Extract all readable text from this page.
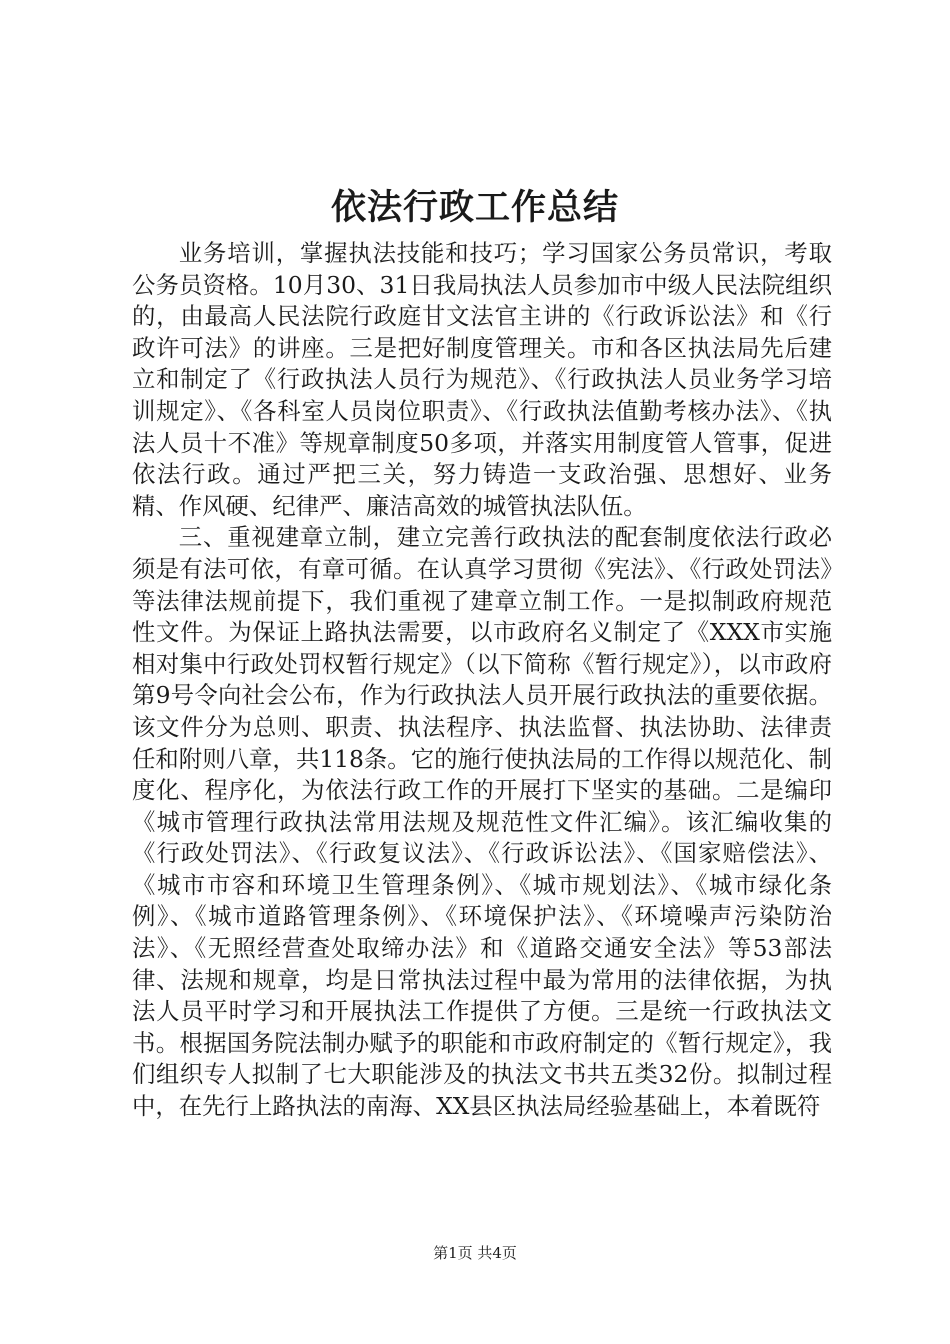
依法行政工作总结

业务培训，掌握执法技能和技巧；学习国家公务员常识，考取公务员资格。10月30、31日我局执法人员参加市中级人民法院组织的，由最高人民法院行政庭甘文法官主讲的《行政诉讼法》和《行政许可法》的讲座。三是把好制度管理关。市和各区执法局先后建立和制定了《行政执法人员行为规范》、《行政执法人员业务学习培训规定》、《各科室人员岗位职责》、《行政执法值勤考核办法》、《执法人员十不准》等规章制度50多项，并落实用制度管人管事，促进依法行政。通过严把三关，努力铸造一支政治强、思想好、业务精、作风硬、纪律严、廉洁高效的城管执法队伍。

三、重视建章立制，建立完善行政执法的配套制度依法行政必须是有法可依，有章可循。在认真学习贯彻《宪法》、《行政处罚法》等法律法规前提下，我们重视了建章立制工作。一是拟制政府规范性文件。为保证上路执法需要，以市政府名义制定了《XXX市实施相对集中行政处罚权暂行规定》（以下简称《暂行规定》），以市政府第9号令向社会公布，作为行政执法人员开展行政执法的重要依据。该文件分为总则、职责、执法程序、执法监督、执法协助、法律责任和附则八章，共118条。它的施行使执法局的工作得以规范化、制度化、程序化，为依法行政工作的开展打下坚实的基础。二是编印《城市管理行政执法常用法规及规范性文件汇编》。该汇编收集的《行政处罚法》、《行政复议法》、《行政诉讼法》、《国家赔偿法》、《城市市容和环境卫生管理条例》、《城市规划法》、《城市绿化条例》、《城市道路管理条例》、《环境保护法》、《环境噪声污染防治法》、《无照经营查处取缔办法》和《道路交通安全法》等53部法律、法规和规章，均是日常执法过程中最为常用的法律依据，为执法人员平时学习和开展执法工作提供了方便。三是统一行政执法文书。根据国务院法制办赋予的职能和市政府制定的《暂行规定》，我们组织专人拟制了七大职能涉及的执法文书共五类32份。拟制过程中，在先行上路执法的南海、XX县区执法局经验基础上，本着既符

第1页 共4页
